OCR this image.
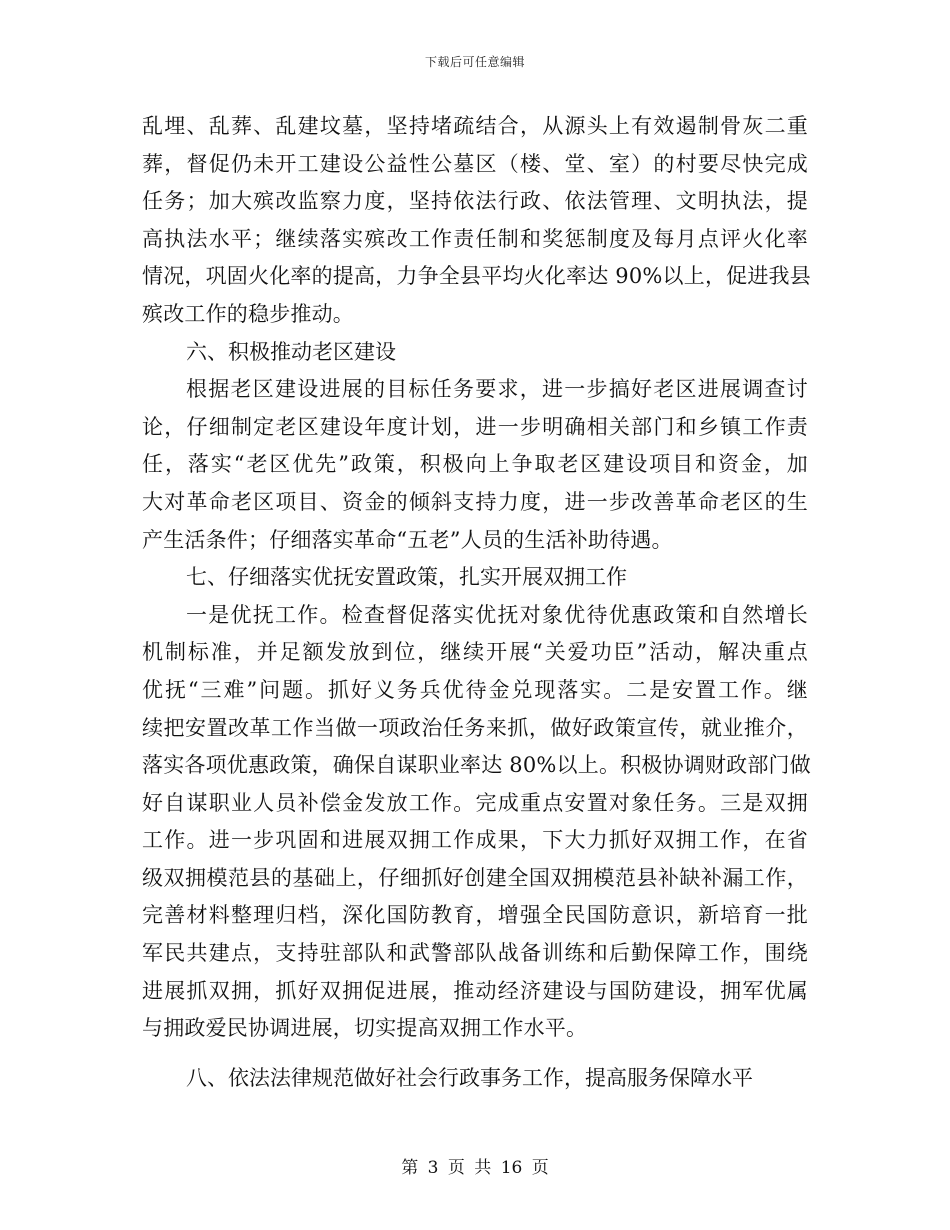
下载后可任意编辑
乱埋、乱葬、乱建坟墓，坚持堵疏结合，从源头上有效遏制骨灰二重
葬，督促仍未开工建设公益性公墓区（楼、堂、室）的村要尽快完成
任务；加大殡改监察力度，坚持依法行政、依法管理、文明执法，提
高执法水平；继续落实殡改工作责任制和奖惩制度及每月点评火化率
情况，巩固火化率的提高，力争全县平均火化率达 90%以上，促进我县
殡改工作的稳步推动。
六、积极推动老区建设
根据老区建设进展的目标任务要求，进一步搞好老区进展调查讨
论，仔细制定老区建设年度计划，进一步明确相关部门和乡镇工作责
任，落实“老区优先”政策，积极向上争取老区建设项目和资金，加
大对革命老区项目、资金的倾斜支持力度，进一步改善革命老区的生
产生活条件；仔细落实革命“五老”人员的生活补助待遇。
七、仔细落实优抚安置政策，扎实开展双拥工作
一是优抚工作。检查督促落实优抚对象优待优惠政策和自然增长
机制标准，并足额发放到位，继续开展“关爱功臣”活动，解决重点
优抚“三难”问题。抓好义务兵优待金兑现落实。二是安置工作。继
续把安置改革工作当做一项政治任务来抓，做好政策宣传，就业推介，
落实各项优惠政策，确保自谋职业率达 80%以上。积极协调财政部门做
好自谋职业人员补偿金发放工作。完成重点安置对象任务。三是双拥
工作。进一步巩固和进展双拥工作成果，下大力抓好双拥工作，在省
级双拥模范县的基础上，仔细抓好创建全国双拥模范县补缺补漏工作，
完善材料整理归档，深化国防教育，增强全民国防意识，新培育一批
军民共建点，支持驻部队和武警部队战备训练和后勤保障工作，围绕
进展抓双拥，抓好双拥促进展，推动经济建设与国防建设，拥军优属
与拥政爱民协调进展，切实提高双拥工作水平。
八、依法法律规范做好社会行政事务工作，提高服务保障水平
第 3 页 共 16 页
